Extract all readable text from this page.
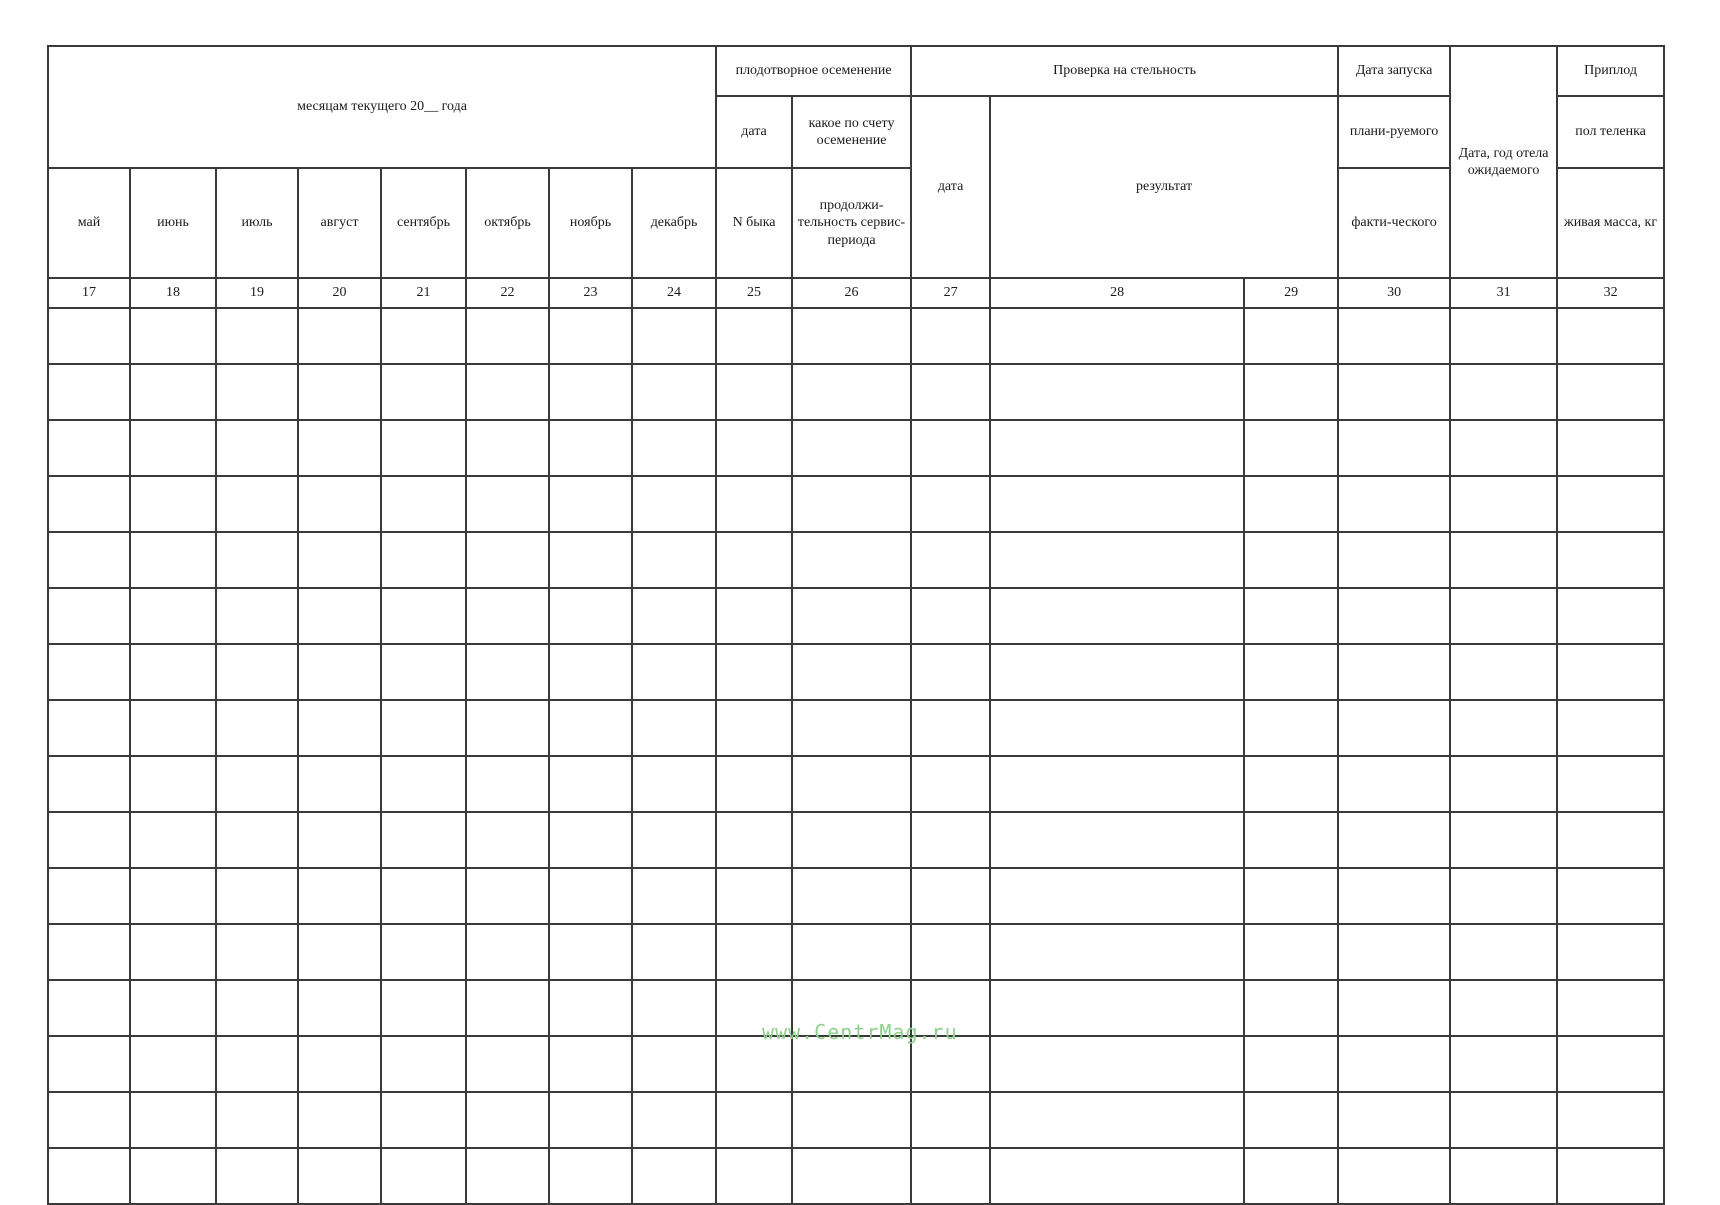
месяцам текущего 20__ года								плодотворное осеменение		Проверка на стельность			Дата запуска	Дата, год отела ожидаемого	Приплод	
								дата	какое по счету осеменение	дата	результат		плани-руемого		пол теленка	
май	июнь	июль	август	сентябрь	октябрь	ноябрь	декабрь	N быка	продолжи-тельность сервис-периода				факти-ческого		живая масса, кг	
17	18	19	20	21	22	23	24	25	26	27	28	29	30	31	32	

www.CentrMag.ru
